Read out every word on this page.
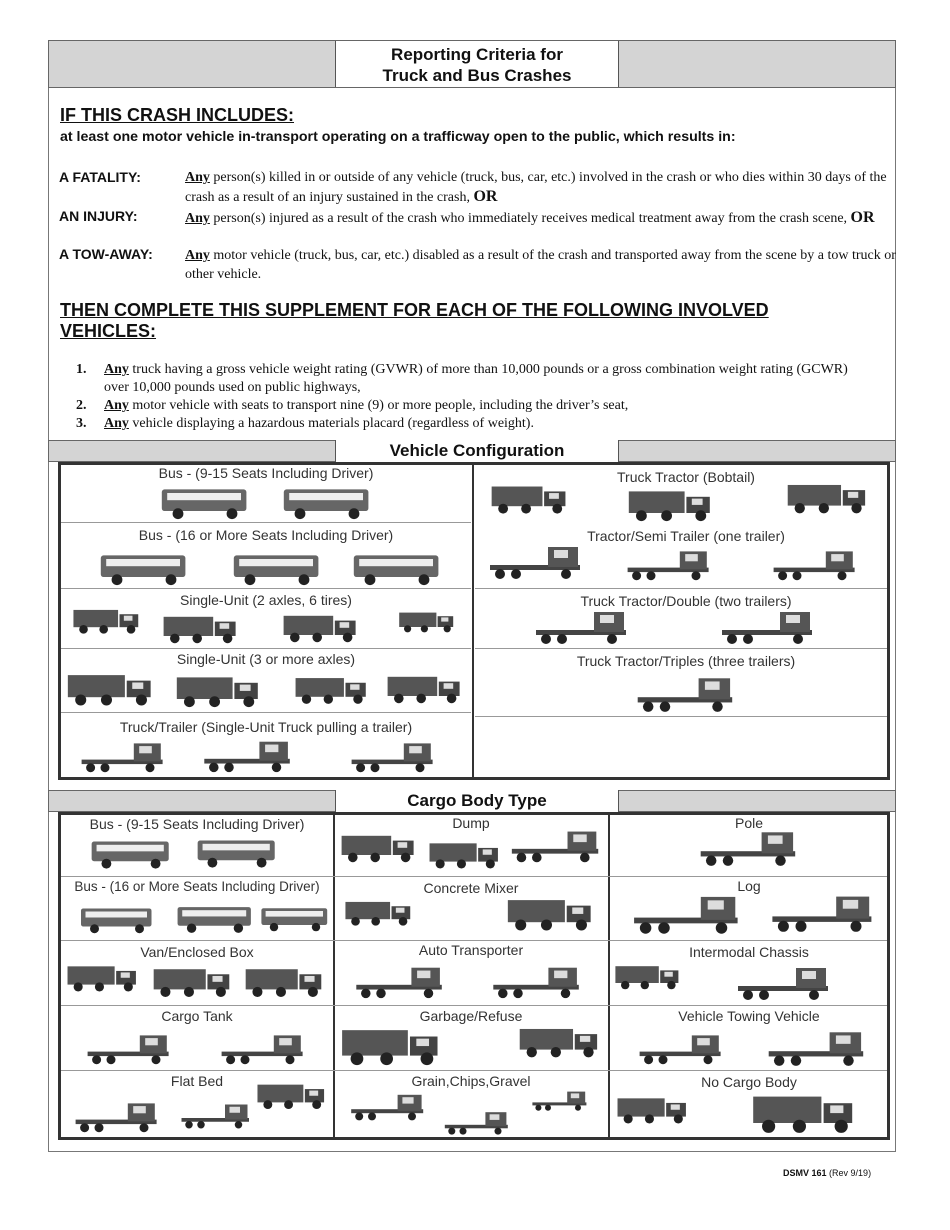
Reporting Criteria for
Truck and Bus Crashes
IF THIS CRASH INCLUDES:
at least one motor vehicle in-transport operating on a trafficway open to the public, which results in:
A FATALITY:	Any person(s) killed in or outside of any vehicle (truck, bus, car, etc.) involved in the crash or who dies within 30 days of the crash as a result of an injury sustained in the crash, OR
AN INJURY:	Any person(s) injured as a result of the crash who immediately receives medical treatment away from the crash scene, OR
A TOW-AWAY: Any motor vehicle (truck, bus, car, etc.) disabled as a result of the crash and transported away from the scene by a tow truck or other vehicle.
THEN COMPLETE THIS SUPPLEMENT FOR EACH OF THE FOLLOWING INVOLVED
VEHICLES:
1.	Any truck having a gross vehicle weight rating (GVWR) of more than 10,000 pounds or a gross combination weight rating (GCWR) over 10,000 pounds used on public highways,
2.	Any motor vehicle with seats to transport nine (9) or more people, including the driver’s seat,
3.	Any vehicle displaying a hazardous materials placard (regardless of weight).
Vehicle Configuration
Bus - (9-15 Seats Including Driver)
Bus - (16 or More Seats Including Driver)
Single-Unit (2 axles, 6 tires)
Single-Unit (3 or more axles)
Truck/Trailer (Single-Unit Truck pulling a trailer)
Truck Tractor (Bobtail)
Tractor/Semi Trailer (one trailer)
Truck Tractor/Double (two trailers)
Truck Tractor/Triples (three trailers)
Cargo Body Type
Bus - (9-15 Seats Including Driver)
Bus - (16 or More Seats Including Driver)
Van/Enclosed Box
Cargo Tank
Flat Bed
Dump
Concrete Mixer
Auto Transporter
Garbage/Refuse
Grain,Chips,Gravel
Pole
Log
Intermodal Chassis
Vehicle Towing Vehicle
No Cargo Body
DSMV 161 (Rev 9/19)
